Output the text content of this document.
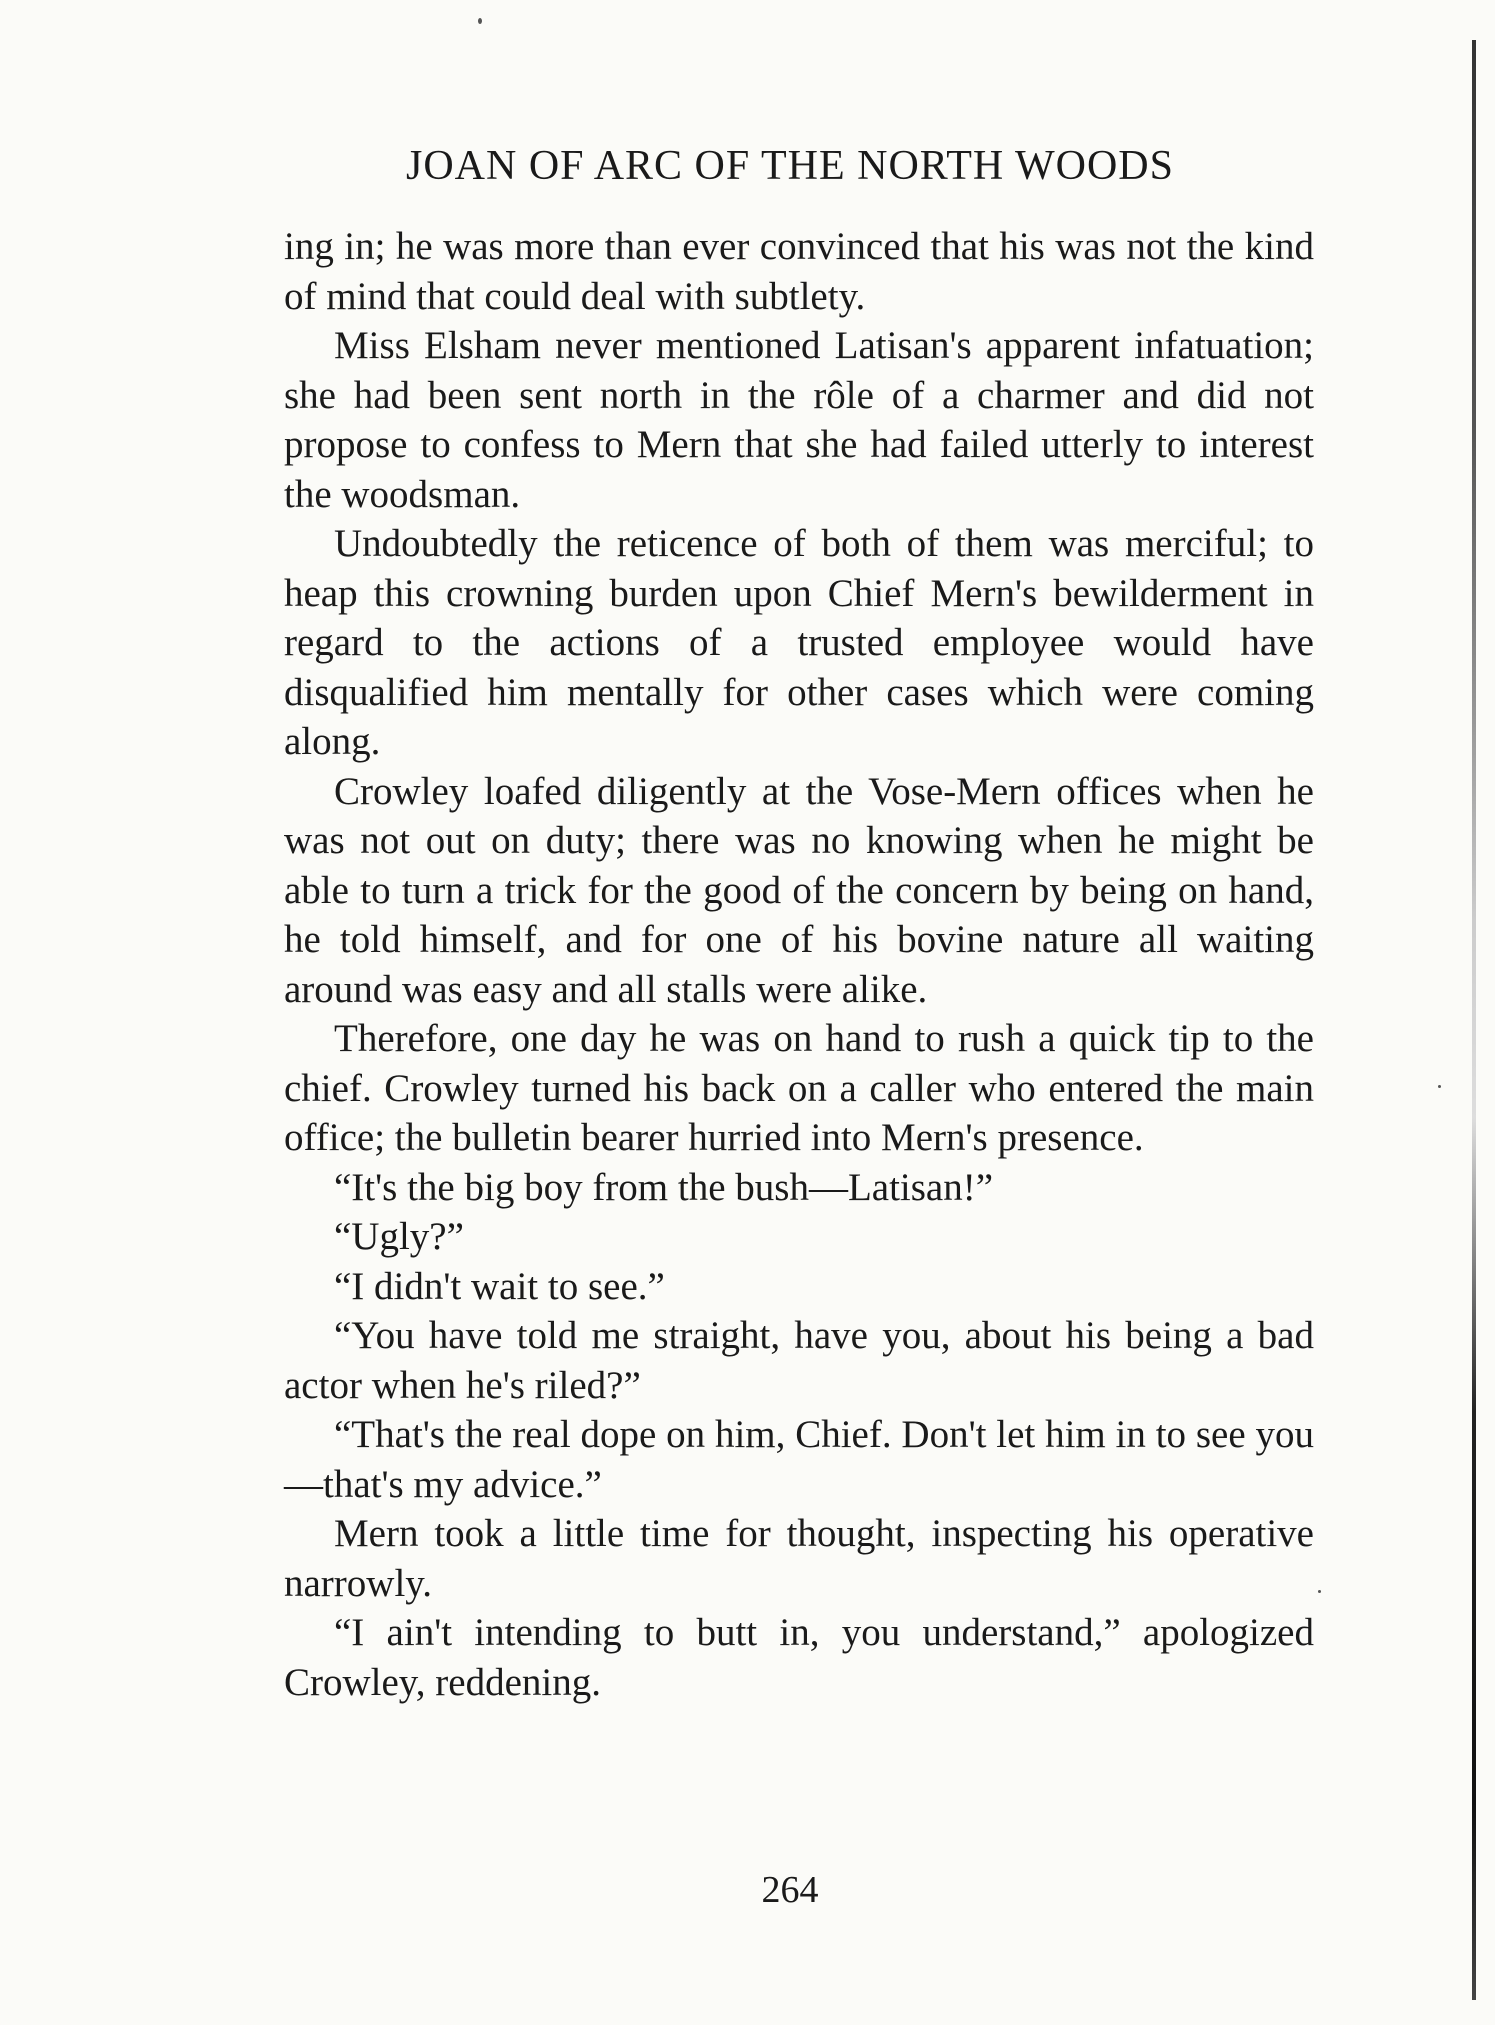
JOAN OF ARC OF THE NORTH WOODS

ing in; he was more than ever convinced that his was not the kind of mind that could deal with subtlety.

Miss Elsham never mentioned Latisan's apparent infatuation; she had been sent north in the rôle of a charmer and did not propose to confess to Mern that she had failed utterly to interest the woodsman.

Undoubtedly the reticence of both of them was merciful; to heap this crowning burden upon Chief Mern's bewilderment in regard to the actions of a trusted employee would have disqualified him mentally for other cases which were coming along.

Crowley loafed diligently at the Vose-Mern offices when he was not out on duty; there was no knowing when he might be able to turn a trick for the good of the concern by being on hand, he told himself, and for one of his bovine nature all waiting around was easy and all stalls were alike.

Therefore, one day he was on hand to rush a quick tip to the chief. Crowley turned his back on a caller who entered the main office; the bulletin bearer hurried into Mern's presence.

“It's the big boy from the bush—Latisan!”

“Ugly?”

“I didn't wait to see.”

“You have told me straight, have you, about his being a bad actor when he's riled?”

“That's the real dope on him, Chief. Don't let him in to see you—that's my advice.”

Mern took a little time for thought, inspecting his operative narrowly.

“I ain't intending to butt in, you understand,” apologized Crowley, reddening.

264
